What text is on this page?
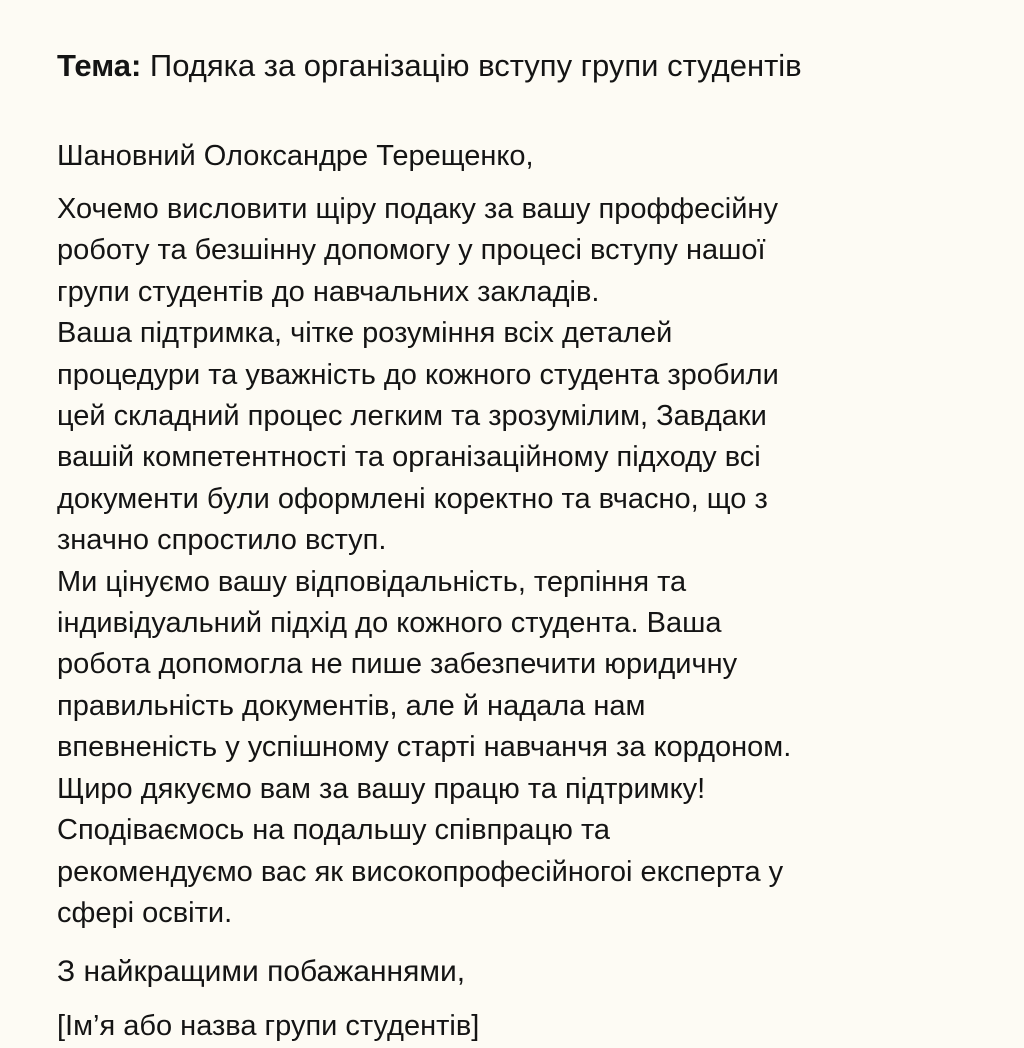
Тема: Подяка за організацію вступу групи студентів

Шановний Олоксандре Терещенко,

Хочемо висловити щіру подаку за вашу проффесійну
роботу та безшінну допомогу у процесі вступу нашої
групи студентів до навчальних закладів.
Ваша підтримка, чітке розуміння всіх деталей
процедури та уважність до кожного студента зробили
цей складний процес легким та зрозумілим, Завдаки
вашій компетентності та організаційному підходу всі
документи були оформлені коректно та вчасно, що з
значно спростило вступ.
Ми цінуємо вашу відповідальність, терпіння та
індивідуальний підхід до кожного студента. Ваша
робота допомогла не пише забезпечити юридичну
правильність документів, але й надала нам
впевненість у успішному старті навчанчя за кордоном.
Щиро дякуємо вам за вашу працю та підтримку!
Сподіваємось на подальшу співпрацю та
рекомендуємо вас як високопрофесійногоі експерта у
сфері освіти.

З найкращими побажаннями,

[Ім’я або назва групи студентів]
